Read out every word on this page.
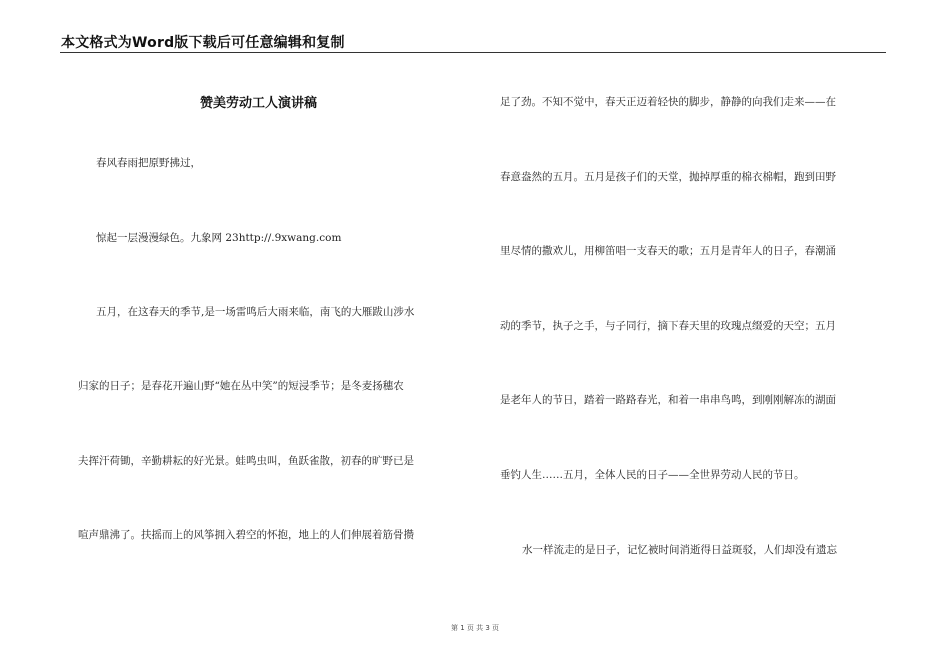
本文格式为Word版下载后可任意编辑和复制
赞美劳动工人演讲稿
春风春雨把原野拂过，
惊起一层漫漫绿色。九象网 23http://.9xwang.com
五月，在这春天的季节,是一场雷鸣后大雨来临，南飞的大雁跋山涉水
归家的日子；是春花开遍山野“她在丛中笑”的短浸季节；是冬麦扬穗农
夫挥汗荷锄，辛勤耕耘的好光景。蛙鸣虫叫，鱼跃雀散，初春的旷野已是
喧声鼎沸了。扶摇而上的风筝拥入碧空的怀抱，地上的人们伸展着筋骨攒
足了劲。不知不觉中，春天正迈着轻快的脚步，静静的向我们走来——在
春意盎然的五月。五月是孩子们的天堂，抛掉厚重的棉衣棉帽，跑到田野
里尽情的撒欢儿，用柳笛唱一支春天的歌；五月是青年人的日子，春潮涌
动的季节，执子之手，与子同行，摘下春天里的玫瑰点缀爱的天空；五月
是老年人的节日，踏着一路路春光，和着一串串鸟鸣，到刚刚解冻的湖面
垂钓人生……五月，全体人民的日子——全世界劳动人民的节日。
水一样流走的是日子，记忆被时间消逝得日益斑驳，人们却没有遗忘
第 1 页 共 3 页
